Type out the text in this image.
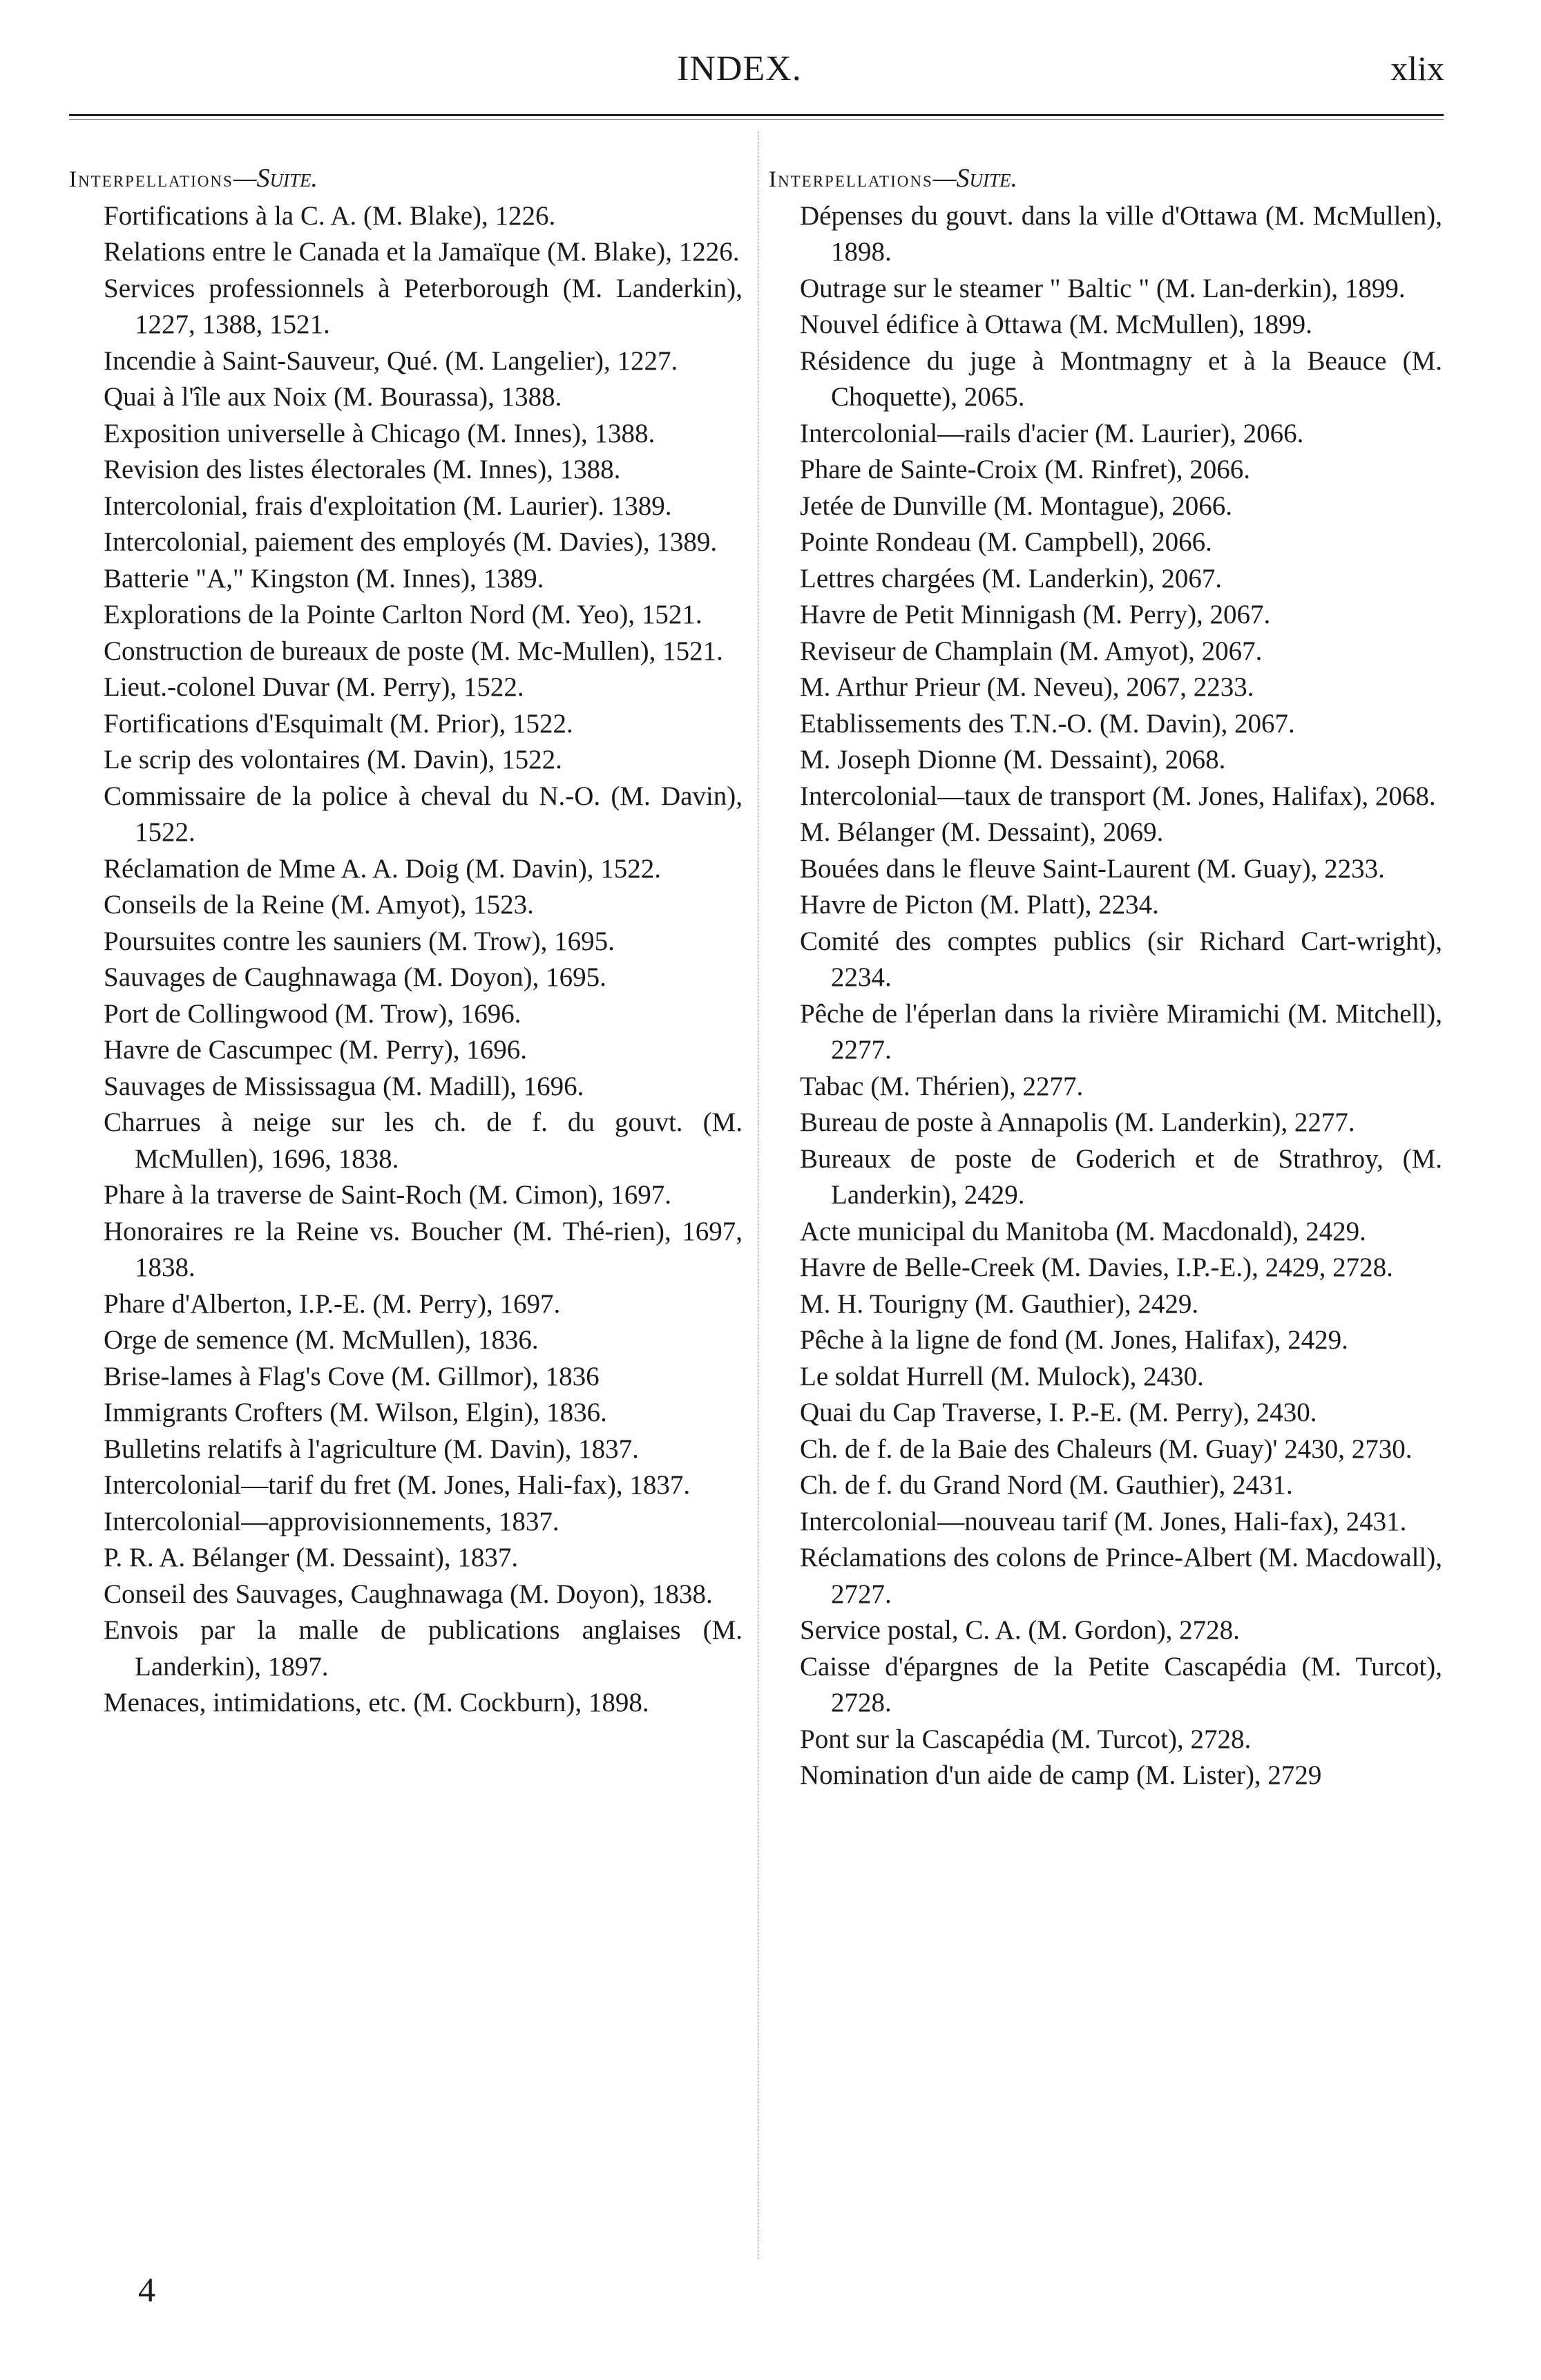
INDEX.	xlix

Interpellations—Suite.

Fortifications à la C. A. (M. Blake), 1226.

Relations entre le Canada et la Jamaïque (M. Blake), 1226.

Services professionnels à Peterborough (M. Landerkin), 1227, 1388, 1521.

Incendie à Saint-Sauveur, Qué. (M. Langelier), 1227.

Quai à l'île aux Noix (M. Bourassa), 1388.

Exposition universelle à Chicago (M. Innes), 1388.

Revision des listes électorales (M. Innes), 1388.

Intercolonial, frais d'exploitation (M. Laurier). 1389.

Intercolonial, paiement des employés (M. Davies), 1389.

Batterie "A," Kingston (M. Innes), 1389.

Explorations de la Pointe Carlton Nord (M. Yeo), 1521.

Construction de bureaux de poste (M. Mc-Mullen), 1521.

Lieut.-colonel Duvar (M. Perry), 1522.

Fortifications d'Esquimalt (M. Prior), 1522.

Le scrip des volontaires (M. Davin), 1522.

Commissaire de la police à cheval du N.-O. (M. Davin), 1522.

Réclamation de Mme A. A. Doig (M. Davin), 1522.

Conseils de la Reine (M. Amyot), 1523.

Poursuites contre les sauniers (M. Trow), 1695.

Sauvages de Caughnawaga (M. Doyon), 1695.

Port de Collingwood (M. Trow), 1696.

Havre de Cascumpec (M. Perry), 1696.

Sauvages de Mississagua (M. Madill), 1696.

Charrues à neige sur les ch. de f. du gouvt. (M. McMullen), 1696, 1838.

Phare à la traverse de Saint-Roch (M. Cimon), 1697.

Honoraires re la Reine vs. Boucher (M. Thé-rien), 1697, 1838.

Phare d'Alberton, I.P.-E. (M. Perry), 1697.

Orge de semence (M. McMullen), 1836.

Brise-lames à Flag's Cove (M. Gillmor), 1836

Immigrants Crofters (M. Wilson, Elgin), 1836.

Bulletins relatifs à l'agriculture (M. Davin), 1837.

Intercolonial—tarif du fret (M. Jones, Hali-fax), 1837.

Intercolonial—approvisionnements, 1837.

P. R. A. Bélanger (M. Dessaint), 1837.

Conseil des Sauvages, Caughnawaga (M. Doyon), 1838.

Envois par la malle de publications anglaises (M. Landerkin), 1897.

Menaces, intimidations, etc. (M. Cockburn), 1898.

Interpellations—Suite.

Dépenses du gouvt. dans la ville d'Ottawa (M. McMullen), 1898.

Outrage sur le steamer " Baltic " (M. Lan-derkin), 1899.

Nouvel édifice à Ottawa (M. McMullen), 1899.

Résidence du juge à Montmagny et à la Beauce (M. Choquette), 2065.

Intercolonial—rails d'acier (M. Laurier), 2066.

Phare de Sainte-Croix (M. Rinfret), 2066.

Jetée de Dunville (M. Montague), 2066.

Pointe Rondeau (M. Campbell), 2066.

Lettres chargées (M. Landerkin), 2067.

Havre de Petit Minnigash (M. Perry), 2067.

Reviseur de Champlain (M. Amyot), 2067.

M. Arthur Prieur (M. Neveu), 2067, 2233.

Etablissements des T.N.-O. (M. Davin), 2067.

M. Joseph Dionne (M. Dessaint), 2068.

Intercolonial—taux de transport (M. Jones, Halifax), 2068.

M. Bélanger (M. Dessaint), 2069.

Bouées dans le fleuve Saint-Laurent (M. Guay), 2233.

Havre de Picton (M. Platt), 2234.

Comité des comptes publics (sir Richard Cart-wright), 2234.

Pêche de l'éperlan dans la rivière Miramichi (M. Mitchell), 2277.

Tabac (M. Thérien), 2277.

Bureau de poste à Annapolis (M. Landerkin), 2277.

Bureaux de poste de Goderich et de Strathroy, (M. Landerkin), 2429.

Acte municipal du Manitoba (M. Macdonald), 2429.

Havre de Belle-Creek (M. Davies, I.P.-E.), 2429, 2728.

M. H. Tourigny (M. Gauthier), 2429.

Pêche à la ligne de fond (M. Jones, Halifax), 2429.

Le soldat Hurrell (M. Mulock), 2430.

Quai du Cap Traverse, I. P.-E. (M. Perry), 2430.

Ch. de f. de la Baie des Chaleurs (M. Guay)' 2430, 2730.

Ch. de f. du Grand Nord (M. Gauthier), 2431.

Intercolonial—nouveau tarif (M. Jones, Hali-fax), 2431.

Réclamations des colons de Prince-Albert (M. Macdowall), 2727.

Service postal, C. A. (M. Gordon), 2728.

Caisse d'épargnes de la Petite Cascapédia (M. Turcot), 2728.

Pont sur la Cascapédia (M. Turcot), 2728.

Nomination d'un aide de camp (M. Lister), 2729

4
